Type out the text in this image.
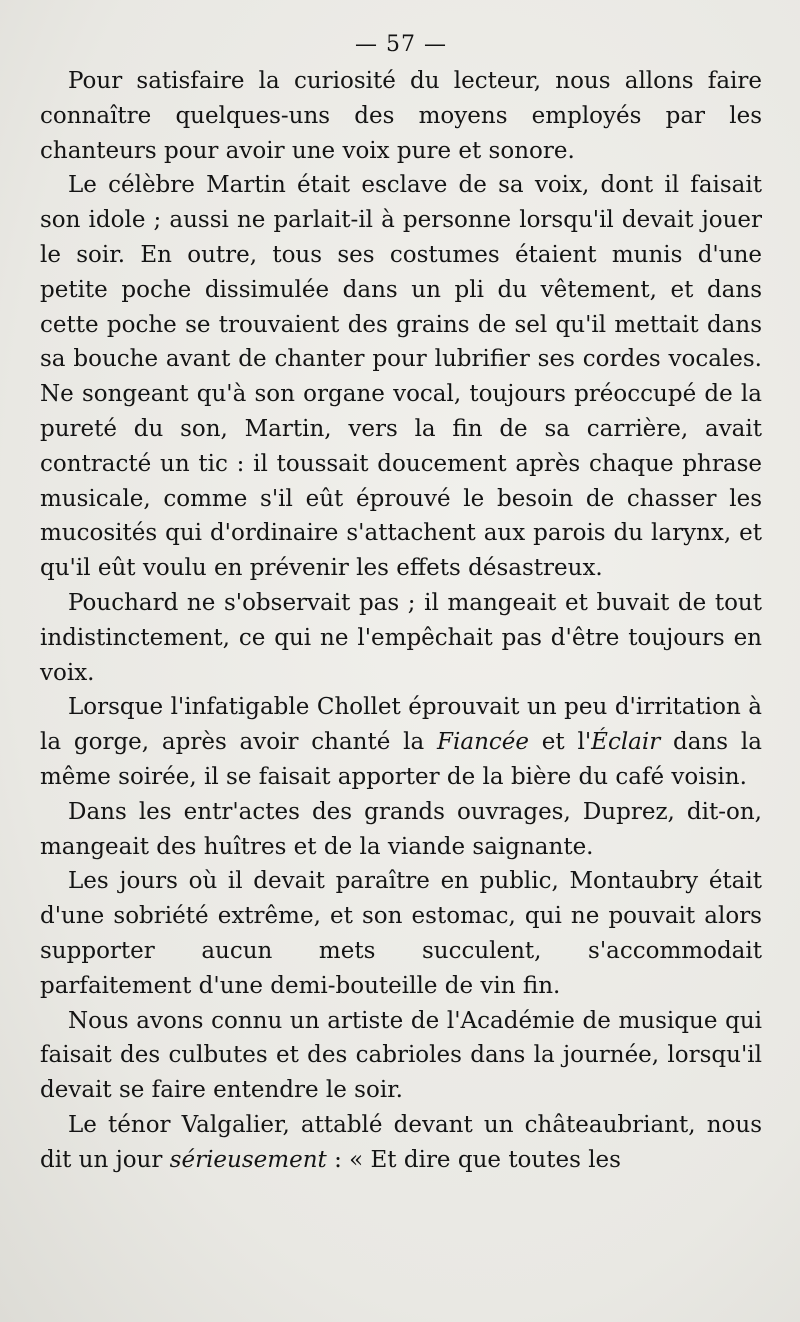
— 57 —

Pour satisfaire la curiosité du lecteur, nous allons faire connaître quelques-uns des moyens employés par les chanteurs pour avoir une voix pure et sonore.

Le célèbre Martin était esclave de sa voix, dont il faisait son idole ; aussi ne parlait-il à personne lorsqu'il devait jouer le soir. En outre, tous ses costumes étaient munis d'une petite poche dissimulée dans un pli du vêtement, et dans cette poche se trouvaient des grains de sel qu'il mettait dans sa bouche avant de chanter pour lubrifier ses cordes vocales. Ne songeant qu'à son organe vocal, toujours préoccupé de la pureté du son, Martin, vers la fin de sa carrière, avait contracté un tic : il toussait doucement après chaque phrase musicale, comme s'il eût éprouvé le besoin de chasser les mucosités qui d'ordinaire s'attachent aux parois du larynx, et qu'il eût voulu en prévenir les effets désastreux.

Pouchard ne s'observait pas ; il mangeait et buvait de tout indistinctement, ce qui ne l'empêchait pas d'être toujours en voix.

Lorsque l'infatigable Chollet éprouvait un peu d'irritation à la gorge, après avoir chanté la Fiancée et l'Éclair dans la même soirée, il se faisait apporter de la bière du café voisin.

Dans les entr'actes des grands ouvrages, Duprez, dit-on, mangeait des huîtres et de la viande saignante.

Les jours où il devait paraître en public, Montaubry était d'une sobriété extrême, et son estomac, qui ne pouvait alors supporter aucun mets succulent, s'accommodait parfaitement d'une demi-bouteille de vin fin.

Nous avons connu un artiste de l'Académie de musique qui faisait des culbutes et des cabrioles dans la journée, lorsqu'il devait se faire entendre le soir.

Le ténor Valgalier, attablé devant un châteaubriant, nous dit un jour sérieusement : « Et dire que toutes les
